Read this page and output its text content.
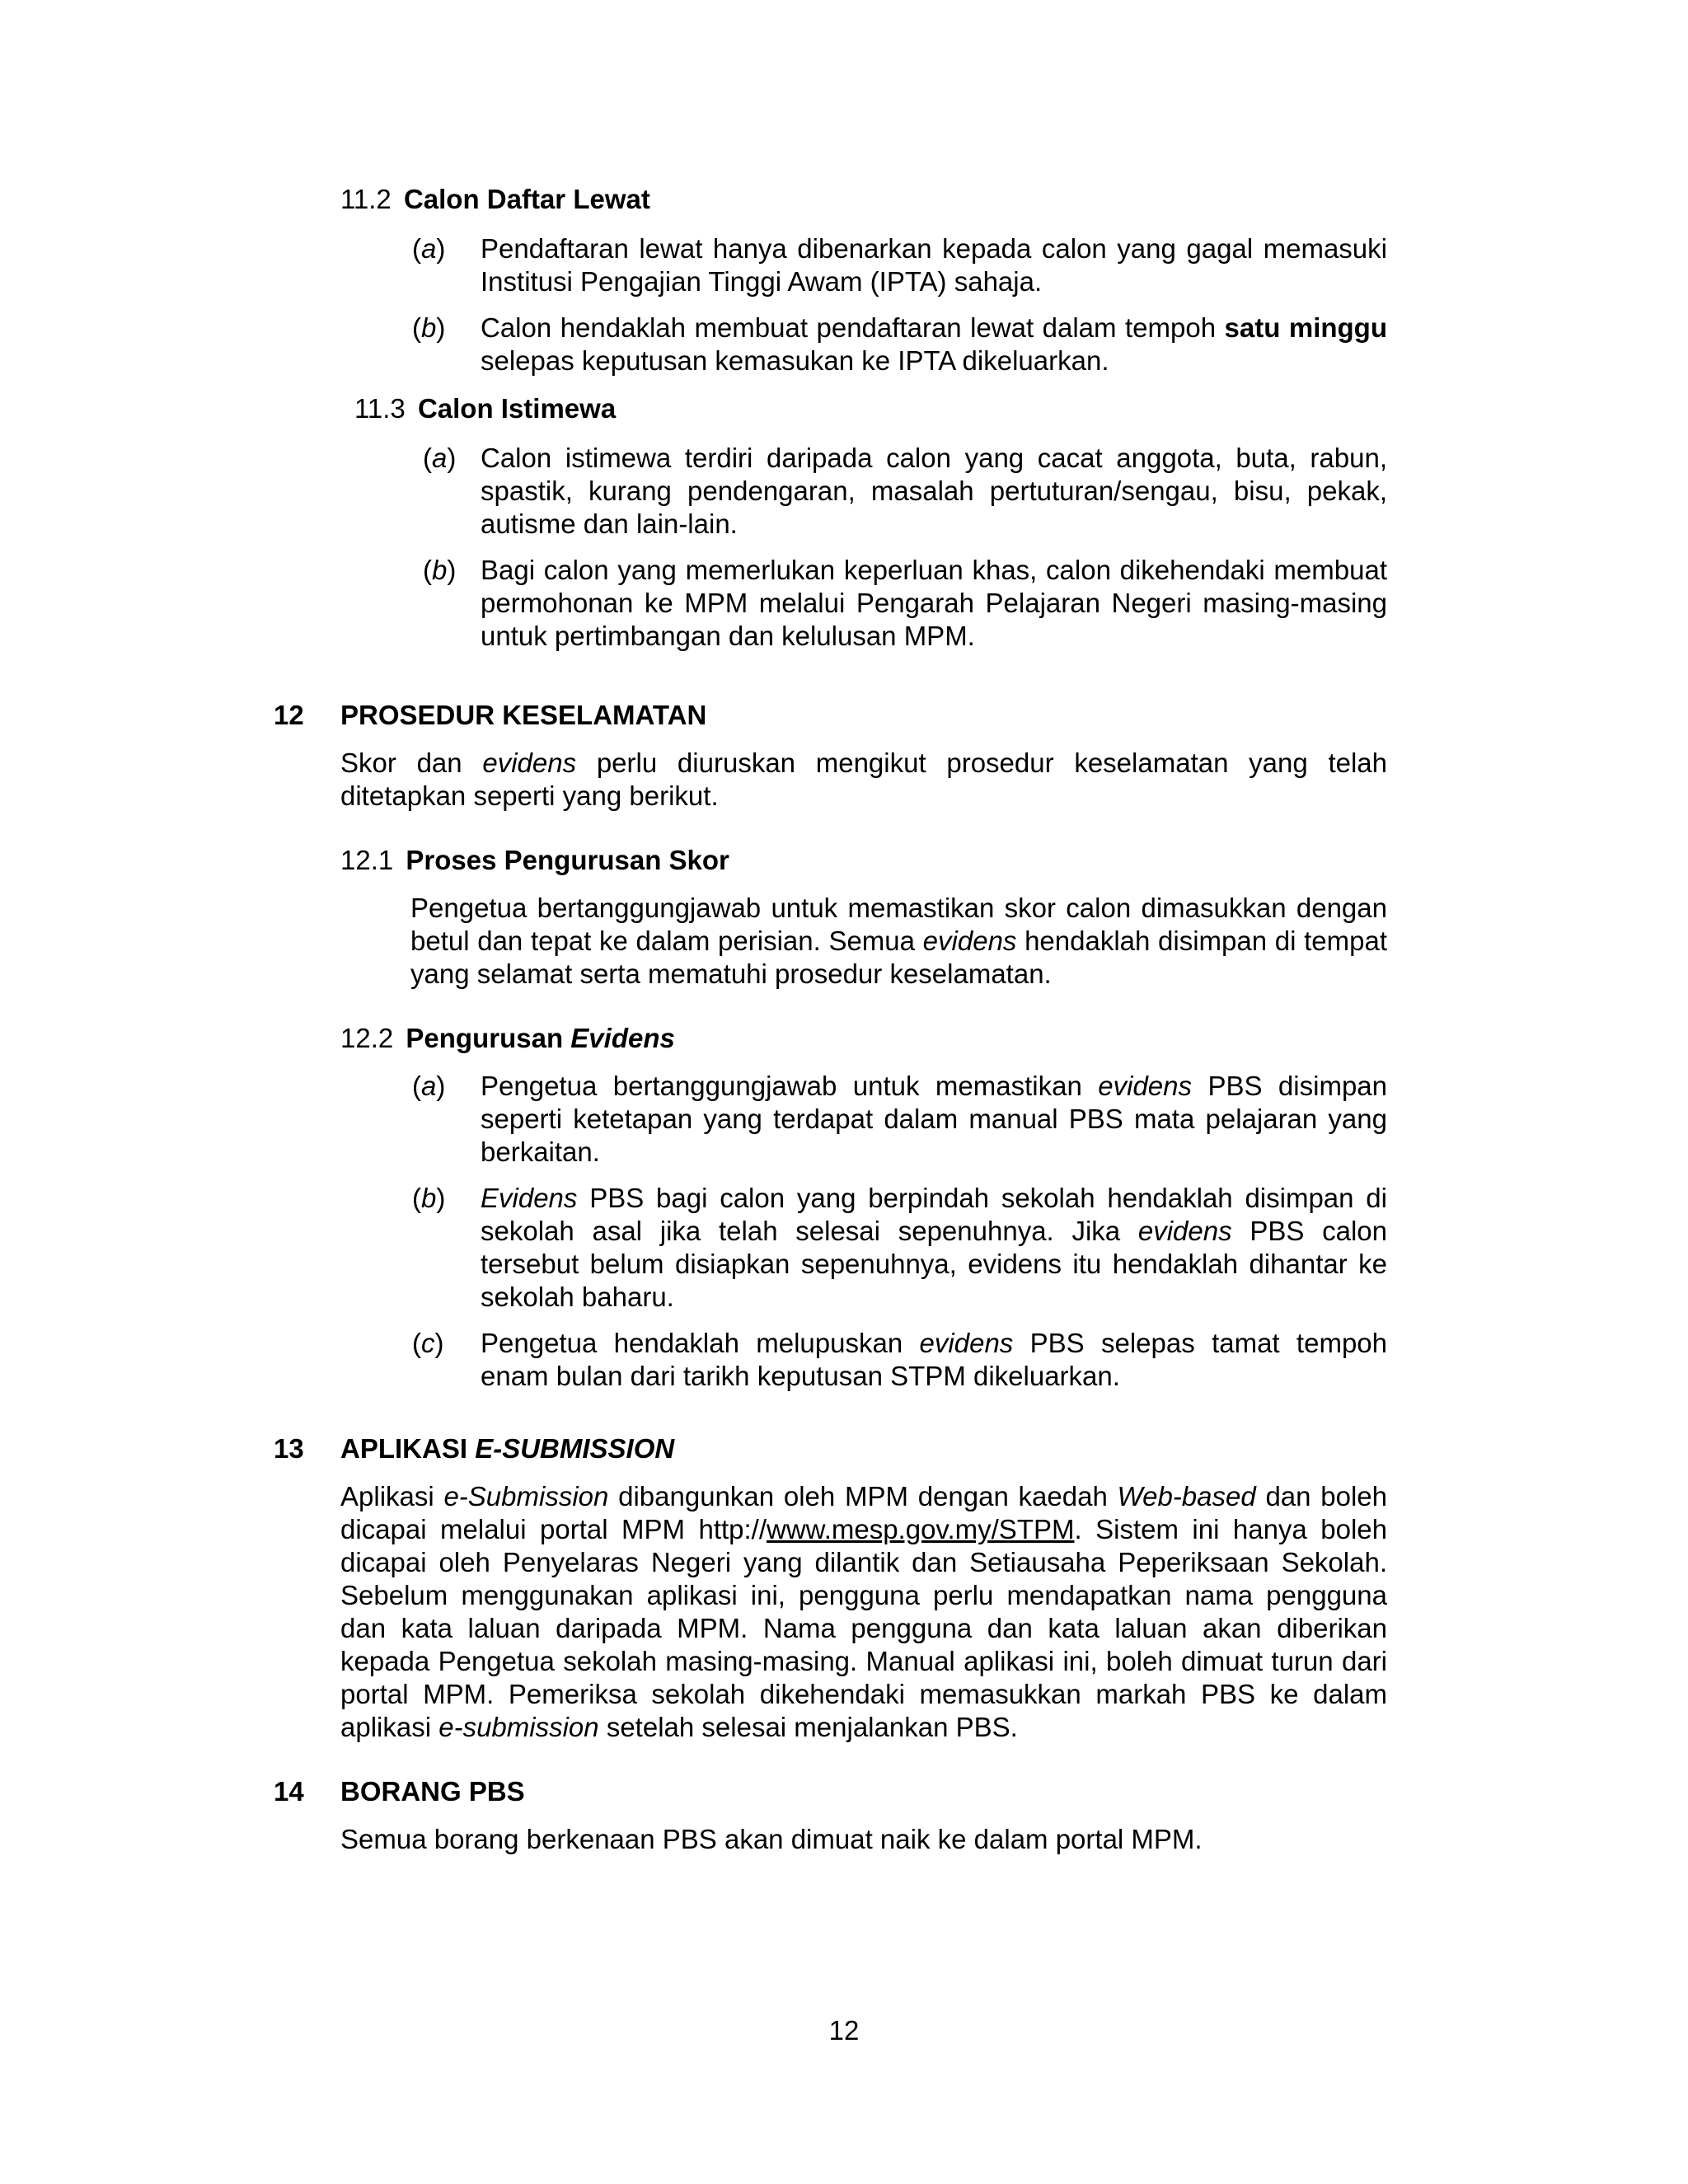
11.2 Calon Daftar Lewat
(a) Pendaftaran lewat hanya dibenarkan kepada calon yang gagal memasuki Institusi Pengajian Tinggi Awam (IPTA) sahaja.
(b) Calon hendaklah membuat pendaftaran lewat dalam tempoh satu minggu selepas keputusan kemasukan ke IPTA dikeluarkan.
11.3 Calon Istimewa
(a) Calon istimewa terdiri daripada calon yang cacat anggota, buta, rabun, spastik, kurang pendengaran, masalah pertuturan/sengau, bisu, pekak, autisme dan lain-lain.
(b) Bagi calon yang memerlukan keperluan khas, calon dikehendaki membuat permohonan ke MPM melalui Pengarah Pelajaran Negeri masing-masing untuk pertimbangan dan kelulusan MPM.
12 PROSEDUR KESELAMATAN
Skor dan evidens perlu diuruskan mengikut prosedur keselamatan yang telah ditetapkan seperti yang berikut.
12.1 Proses Pengurusan Skor
Pengetua bertanggungjawab untuk memastikan skor calon dimasukkan dengan betul dan tepat ke dalam perisian. Semua evidens hendaklah disimpan di tempat yang selamat serta mematuhi prosedur keselamatan.
12.2 Pengurusan Evidens
(a) Pengetua bertanggungjawab untuk memastikan evidens PBS disimpan seperti ketetapan yang terdapat dalam manual PBS mata pelajaran yang berkaitan.
(b) Evidens PBS bagi calon yang berpindah sekolah hendaklah disimpan di sekolah asal jika telah selesai sepenuhnya. Jika evidens PBS calon tersebut belum disiapkan sepenuhnya, evidens itu hendaklah dihantar ke sekolah baharu.
(c) Pengetua hendaklah melupuskan evidens PBS selepas tamat tempoh enam bulan dari tarikh keputusan STPM dikeluarkan.
13 APLIKASI E-SUBMISSION
Aplikasi e-Submission dibangunkan oleh MPM dengan kaedah Web-based dan boleh dicapai melalui portal MPM http://www.mesp.gov.my/STPM. Sistem ini hanya boleh dicapai oleh Penyelaras Negeri yang dilantik dan Setiausaha Peperiksaan Sekolah. Sebelum menggunakan aplikasi ini, pengguna perlu mendapatkan nama pengguna dan kata laluan daripada MPM. Nama pengguna dan kata laluan akan diberikan kepada Pengetua sekolah masing-masing. Manual aplikasi ini, boleh dimuat turun dari portal MPM. Pemeriksa sekolah dikehendaki memasukkan markah PBS ke dalam aplikasi e-submission setelah selesai menjalankan PBS.
14 BORANG PBS
Semua borang berkenaan PBS akan dimuat naik ke dalam portal MPM.
12
